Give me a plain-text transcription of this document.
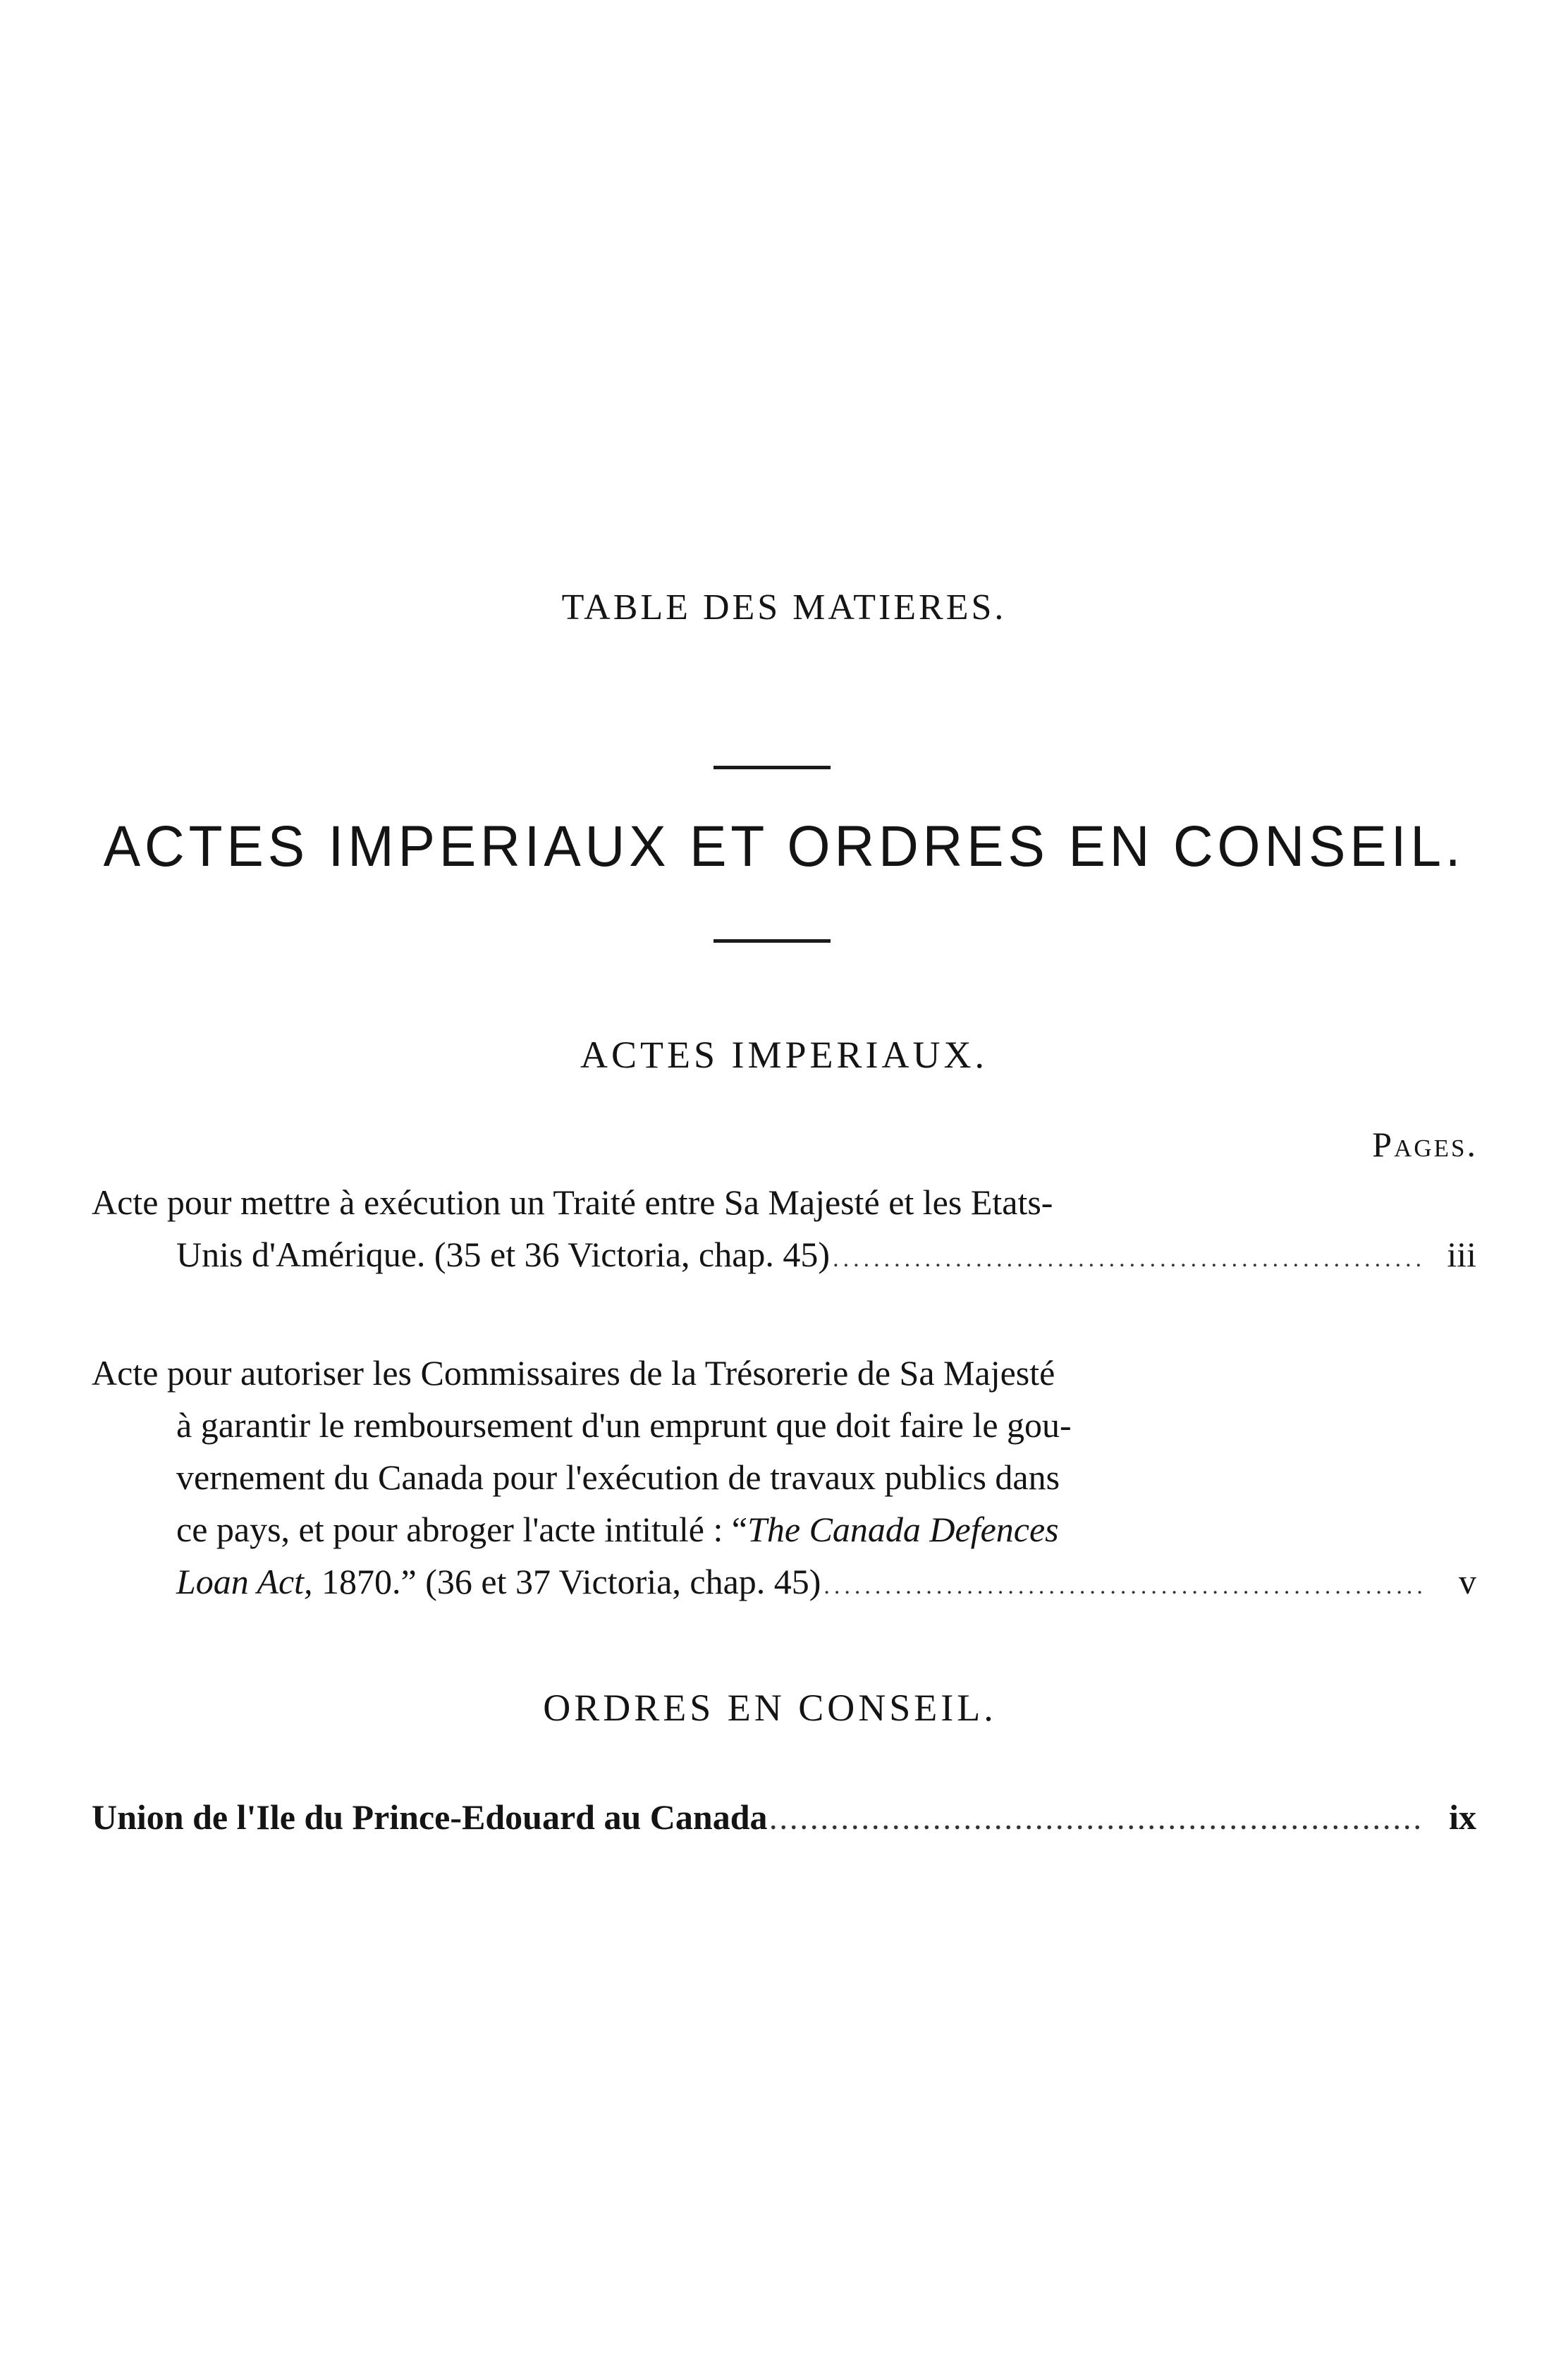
TABLE DES MATIERES.
ACTES IMPERIAUX ET ORDRES EN CONSEIL.
ACTES IMPERIAUX.
Pages.
Acte pour mettre à exécution un Traité entre Sa Majesté et les Etats-
Unis d'Amérique. (35 et 36 Victoria, chap. 45) .....	iii
Acte pour autoriser les Commissaires de la Trésorerie de Sa Majesté
à garantir le remboursement d'un emprunt que doit faire le gou-
vernement du Canada pour l'exécution de travaux publics dans
ce pays, et pour abroger l'acte intitulé : “The Canada Defences
Loan Act, 1870.” (36 et 37 Victoria, chap. 45) .....	v
ORDRES EN CONSEIL.
Union de l'Ile du Prince-Edouard au Canada .....	ix
